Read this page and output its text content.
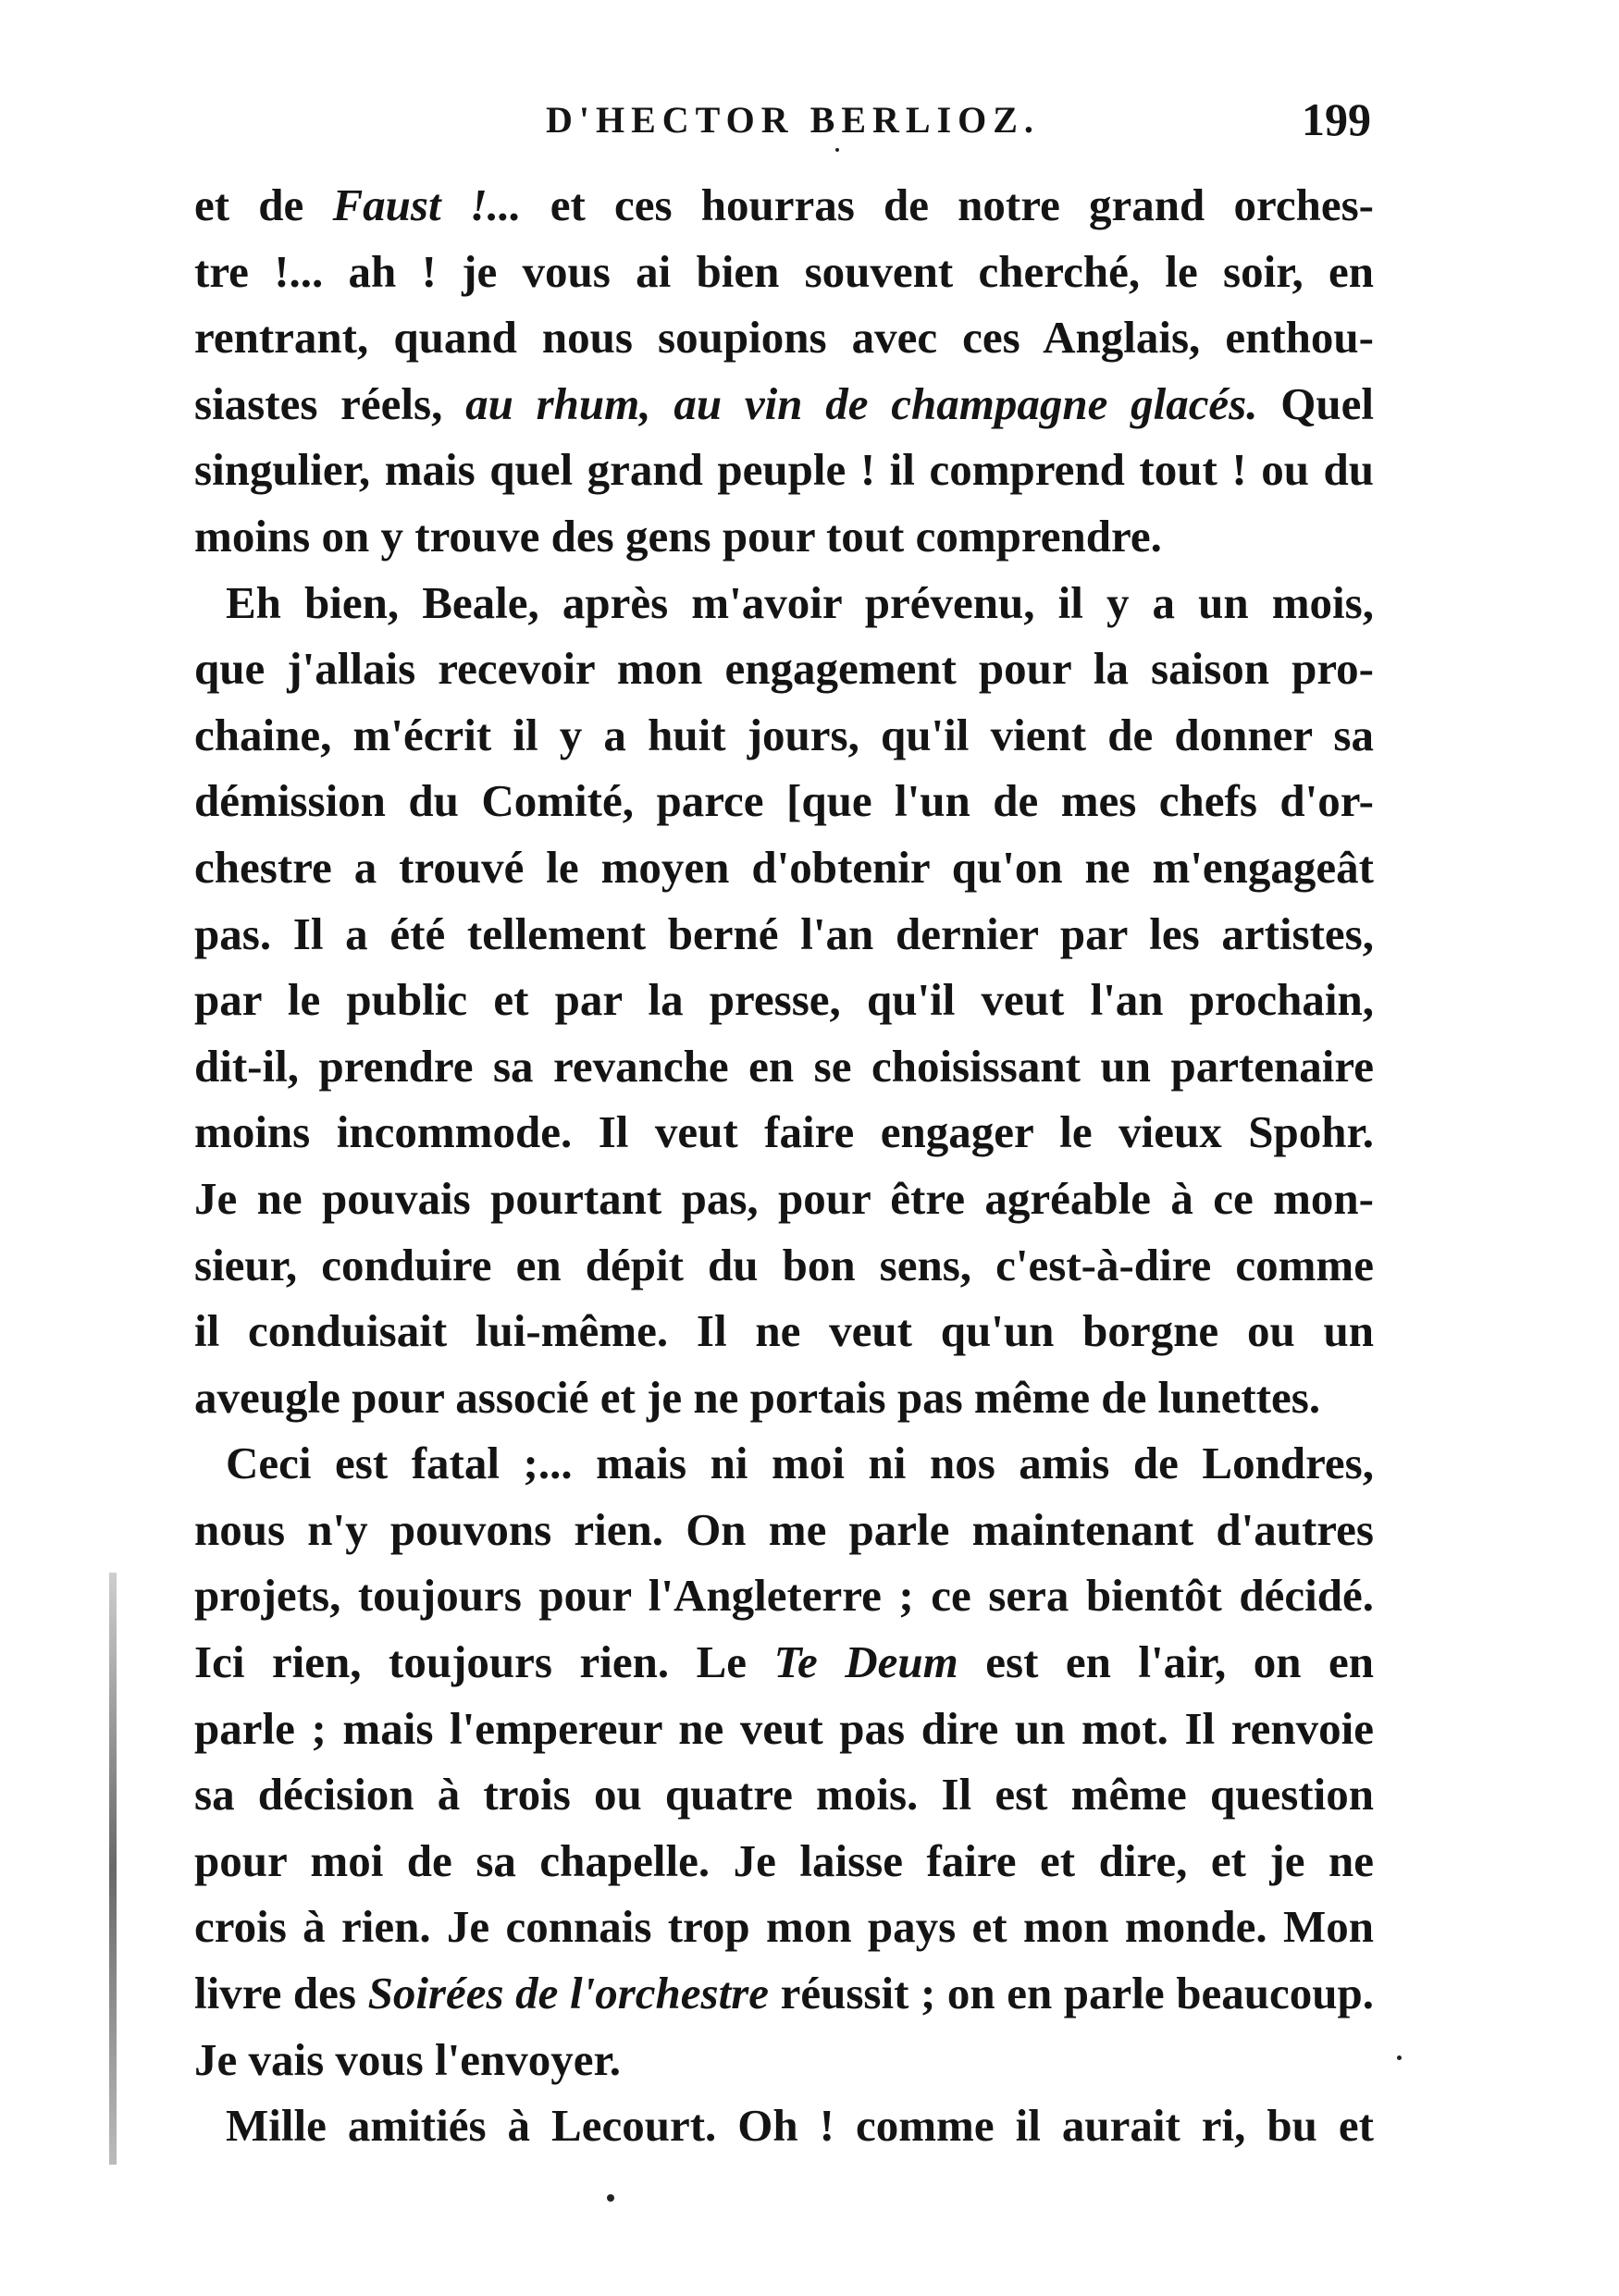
D'HECTOR BERLIOZ.	199
et de Faust !... et ces hourras de notre grand orches-
tre !... ah ! je vous ai bien souvent cherché, le soir, en
rentrant, quand nous soupions avec ces Anglais, enthou-
siastes réels, au rhum, au vin de champagne glacés. Quel
singulier, mais quel grand peuple ! il comprend tout ! ou du
moins on y trouve des gens pour tout comprendre.
Eh bien, Beale, après m'avoir prévenu, il y a un mois,
que j'allais recevoir mon engagement pour la saison pro-
chaine, m'écrit il y a huit jours, qu'il vient de donner sa
démission du Comité, parce [que l'un de mes chefs d'or-
chestre a trouvé le moyen d'obtenir qu'on ne m'engageât
pas. Il a été tellement berné l'an dernier par les artistes,
par le public et par la presse, qu'il veut l'an prochain,
dit-il, prendre sa revanche en se choisissant un partenaire
moins incommode. Il veut faire engager le vieux Spohr.
Je ne pouvais pourtant pas, pour être agréable à ce mon-
sieur, conduire en dépit du bon sens, c'est-à-dire comme
il conduisait lui-même. Il ne veut qu'un borgne ou un
aveugle pour associé et je ne portais pas même de lunettes.
Ceci est fatal ;... mais ni moi ni nos amis de Londres,
nous n'y pouvons rien. On me parle maintenant d'autres
projets, toujours pour l'Angleterre ; ce sera bientôt décidé.
Ici rien, toujours rien. Le Te Deum est en l'air, on en
parle ; mais l'empereur ne veut pas dire un mot. Il renvoie
sa décision à trois ou quatre mois. Il est même question
pour moi de sa chapelle. Je laisse faire et dire, et je ne
crois à rien. Je connais trop mon pays et mon monde. Mon
livre des Soirées de l'orchestre réussit ; on en parle beaucoup.
Je vais vous l'envoyer.
Mille amitiés à Lecourt. Oh ! comme il aurait ri, bu et
